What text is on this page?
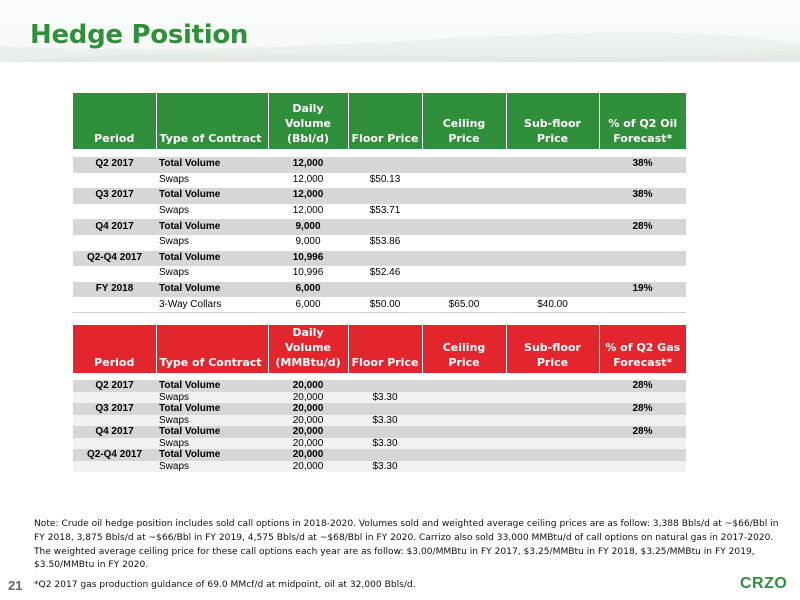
Hedge Position
Period	Type of Contract	Daily Volume (Bbl/d)	Floor Price	Ceiling Price	Sub-floor Price	% of Q2 Oil Forecast*

Q2 2017	Total Volume	12,000				38%
	Swaps	12,000	$50.13			
Q3 2017	Total Volume	12,000				38%
	Swaps	12,000	$53.71			
Q4 2017	Total Volume	9,000				28%
	Swaps	9,000	$53.86			
Q2-Q4 2017	Total Volume	10,996				
	Swaps	10,996	$52.46			
FY 2018	Total Volume	6,000				19%
	3-Way Collars	6,000	$50.00	$65.00	$40.00	
Period	Type of Contract	Daily Volume (MMBtu/d)	Floor Price	Ceiling Price	Sub-floor Price	% of Q2 Gas Forecast*

Q2 2017	Total Volume	20,000				28%
	Swaps	20,000	$3.30			
Q3 2017	Total Volume	20,000				28%
	Swaps	20,000	$3.30			
Q4 2017	Total Volume	20,000				28%
	Swaps	20,000	$3.30			
Q2-Q4 2017	Total Volume	20,000				
	Swaps	20,000	$3.30			
Note: Crude oil hedge position includes sold call options in 2018-2020. Volumes sold and weighted average ceiling prices are as follow: 3,388 Bbls/d at ~$66/Bbl in FY 2018, 3,875 Bbls/d at ~$66/Bbl in FY 2019, 4,575 Bbls/d at ~$68/Bbl in FY 2020. Carrizo also sold 33,000 MMBtu/d of call options on natural gas in 2017-2020. The weighted average ceiling price for these call options each year are as follow: $3.00/MMBtu in FY 2017, $3.25/MMBtu in FY 2018, $3.25/MMBtu in FY 2019, $3.50/MMBtu in FY 2020.
21 *Q2 2017 gas production guidance of 69.0 MMcf/d at midpoint, oil at 32,000 Bbls/d.	CRZO
